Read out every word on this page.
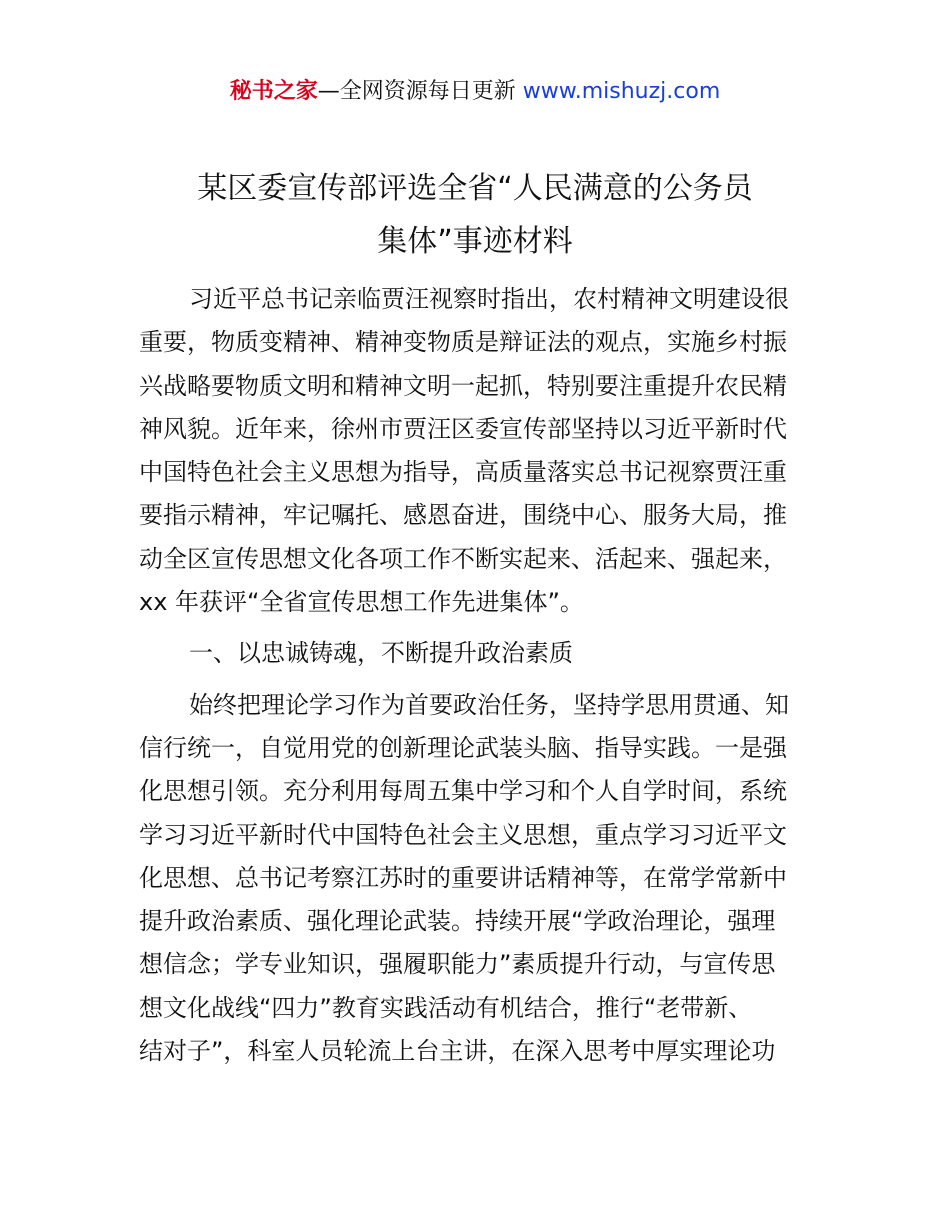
秘书之家—全网资源每日更新 www.mishuzj.com
某区委宣传部评选全省“人民满意的公务员
集体”事迹材料
习近平总书记亲临贾汪视察时指出，农村精神文明建设很
重要，物质变精神、精神变物质是辩证法的观点，实施乡村振
兴战略要物质文明和精神文明一起抓，特别要注重提升农民精
神风貌。近年来，徐州市贾汪区委宣传部坚持以习近平新时代
中国特色社会主义思想为指导，高质量落实总书记视察贾汪重
要指示精神，牢记嘱托、感恩奋进，围绕中心、服务大局，推
动全区宣传思想文化各项工作不断实起来、活起来、强起来，
xx 年获评“全省宣传思想工作先进集体”。
一、以忠诚铸魂，不断提升政治素质
始终把理论学习作为首要政治任务，坚持学思用贯通、知
信行统一，自觉用党的创新理论武装头脑、指导实践。一是强
化思想引领。充分利用每周五集中学习和个人自学时间，系统
学习习近平新时代中国特色社会主义思想，重点学习习近平文
化思想、总书记考察江苏时的重要讲话精神等，在常学常新中
提升政治素质、强化理论武装。持续开展“学政治理论，强理
想信念；学专业知识，强履职能力”素质提升行动，与宣传思
想文化战线“四力”教育实践活动有机结合，推行“老带新、
结对子”，科室人员轮流上台主讲，在深入思考中厚实理论功
